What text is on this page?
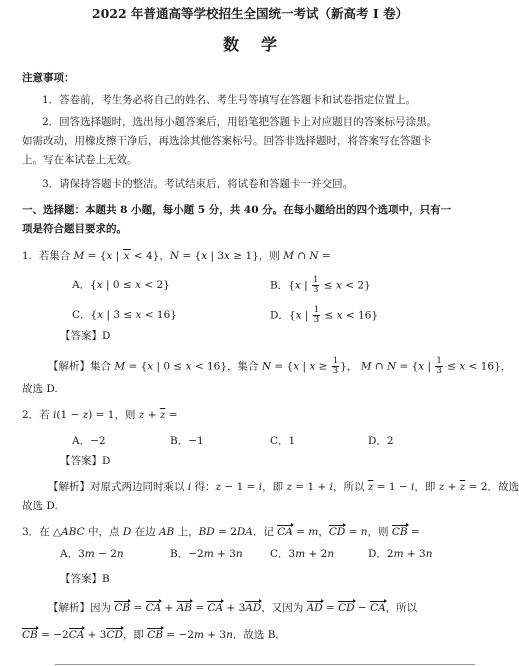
2022 年普通高等学校招生全国统一考试（新高考 I 卷）
数学
注意事项：
1．答卷前，考生务必将自己的姓名、考生号等填写在答题卡和试卷指定位置上。
2．回答选择题时，选出每小题答案后，用铅笔把答题卡上对应题目的答案标号涂黑。
如需改动，用橡皮擦干净后，再选涂其他答案标号。回答非选择题时，将答案写在答题卡
上。写在本试卷上无效。
3．请保持答题卡的整洁。考试结束后，将试卷和答题卡一并交回。
一、选择题：本题共 8 小题，每小题 5 分，共 40 分。在每小题给出的四个选项中，只有一
项是符合题目要求的。
1.  若集合 M = {x | x < 4}，N = {x | 3x ≥ 1}，则 M ∩ N =
A．{x | 0 ≤ x < 2}	B．{x | $\frac{1}{3} \le x < 2$}
C．{x | 3 ≤ x < 16}	D．{x | $\frac{1}{3} \le x < 16$}
【答案】D
【解析】集合 M = {x | 0 ≤ x < 16}，集合 N = {x | $x \ge \frac{1}{3}$ }， M ∩ N = {x | $\frac{1}{3} \le x < 16$}，
故选 D.
2．若 i(1 − z) = 1，则 $z + \overline{z}$ =
A．−2	B．−1	C．1	D．2
【答案】D
【解析】对原式两边同时乘以 i 得：z − 1 = i，即 z = 1 + i，所以 $\overline{z} = 1 - i$，即 $z + \overline{z} = 2$．故选
故选 D.
3．在 △ABC 中，点 D 在边 AB 上，BD = 2DA．记 CA = m，CD = n，则 CB =
A．3m − 2n	B．−2m + 3n	C．3m + 2n	D．2m + 3n
【答案】B
【解析】因为 CB = CA + AB = CA + 3AD，又因为 AD = CD − CA，所以
CB = −2CA + 3CD，即 CB = −2m + 3n．故选 B．
